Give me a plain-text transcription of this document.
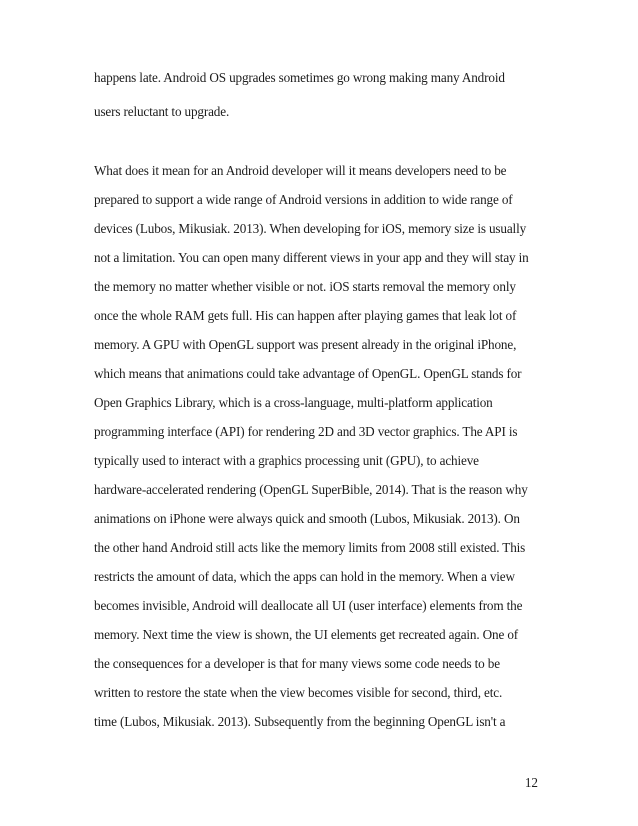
happens late. Android OS upgrades sometimes go wrong making many Android

users reluctant to upgrade.

What does it mean for an Android developer will it means developers need to be

prepared to support a wide range of Android versions in addition to wide range of

devices (Lubos, Mikusiak. 2013). When developing for iOS, memory size is usually

not a limitation. You can open many different views in your app and they will stay in

the memory no matter whether visible or not. iOS starts removal the memory only

once the whole RAM gets full. His can happen after playing games that leak lot of

memory. A GPU with OpenGL support was present already in the original iPhone,

which means that animations could take advantage of OpenGL. OpenGL stands for

Open Graphics Library, which is a cross-language, multi-platform application

programming interface (API) for rendering 2D and 3D vector graphics. The API is

typically used to interact with a graphics processing unit (GPU), to achieve

hardware-accelerated rendering (OpenGL SuperBible, 2014). That is the reason why

animations on iPhone were always quick and smooth (Lubos, Mikusiak. 2013). On

the other hand Android still acts like the memory limits from 2008 still existed. This

restricts the amount of data, which the apps can hold in the memory. When a view

becomes invisible, Android will deallocate all UI (user interface) elements from the

memory. Next time the view is shown, the UI elements get recreated again. One of

the consequences for a developer is that for many views some code needs to be

written to restore the state when the view becomes visible for second, third, etc.

time (Lubos, Mikusiak. 2013). Subsequently from the beginning OpenGL isn't a

12
